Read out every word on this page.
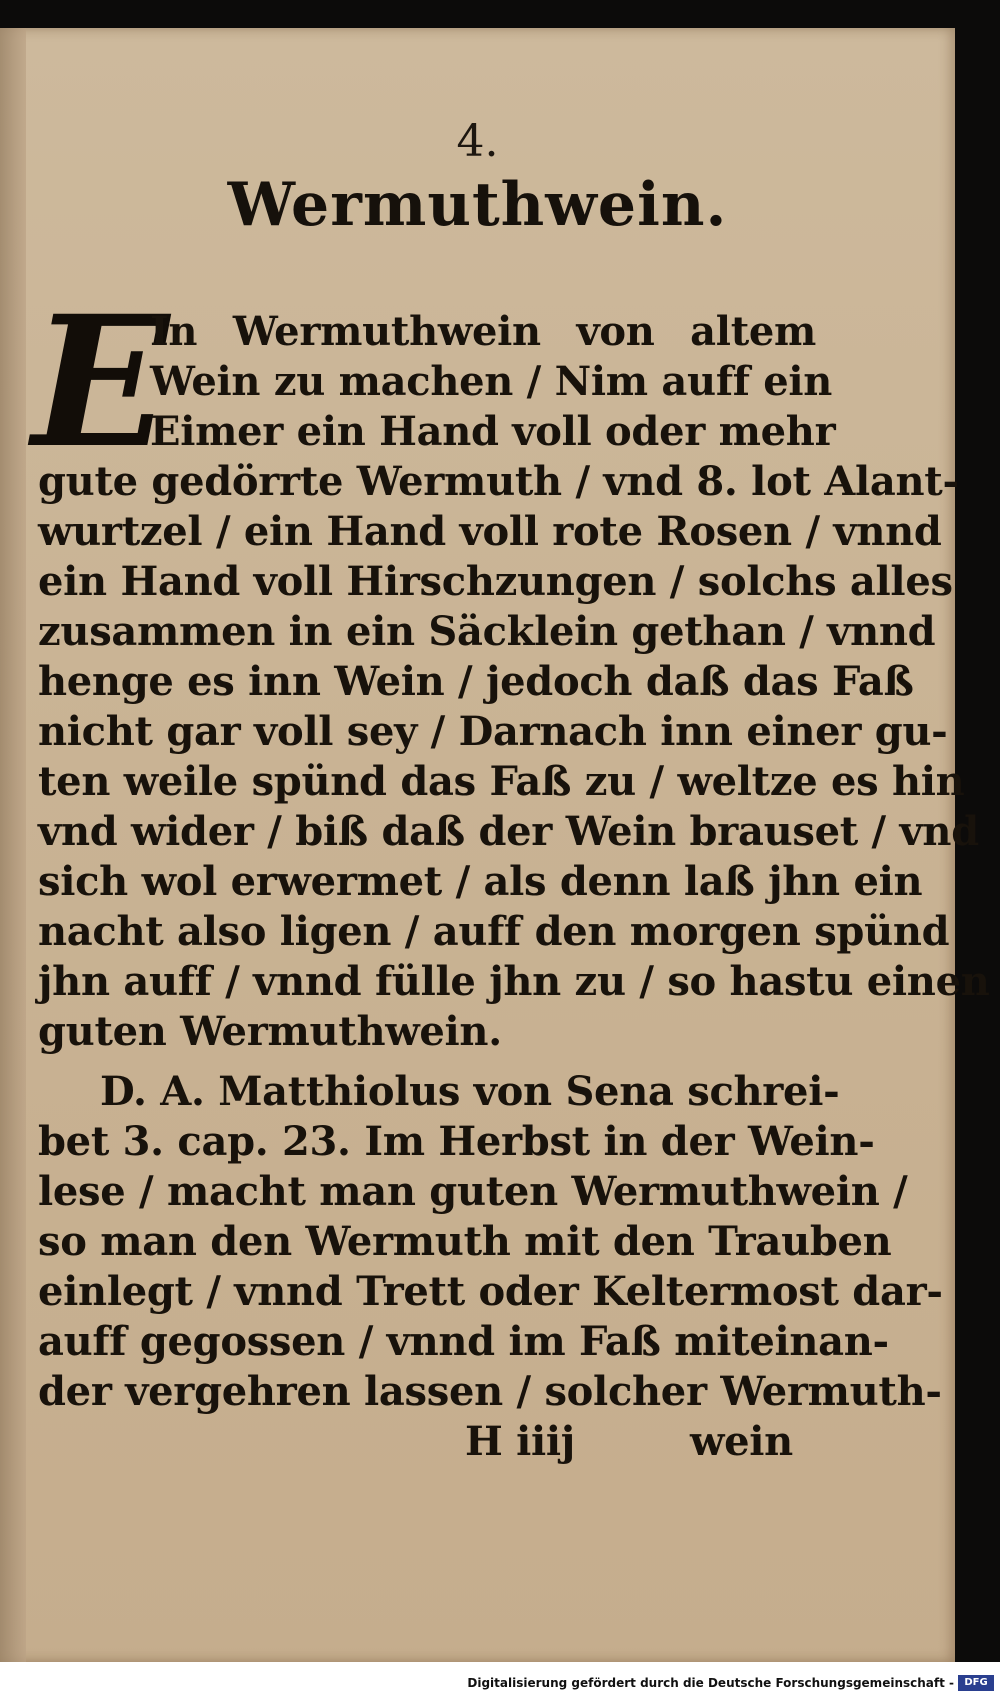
4.
Wermuthwein.
E
In Wermuthwein von altem
Wein zu machen / Nim auff ein
Eimer ein Hand voll oder mehr
gute gedörrte Wermuth / vnd 8. lot Alant-
wurtzel / ein Hand voll rote Rosen / vnnd
ein Hand voll Hirschzungen / solchs alles
zusammen in ein Säcklein gethan / vnnd
henge es inn Wein / jedoch daß das Faß
nicht gar voll sey / Darnach inn einer gu-
ten weile spünd das Faß zu / weltze es hin
vnd wider / biß daß der Wein brauset / vnd
sich wol erwermet / als denn laß jhn ein
nacht also ligen / auff den morgen spünd
jhn auff / vnnd fülle jhn zu / so hastu einen
guten Wermuthwein.
D. A. Matthiolus von Sena schrei-
bet 3. cap. 23. Im Herbst in der Wein-
lese / macht man guten Wermuthwein /
so man den Wermuth mit den Trauben
einlegt / vnnd Trett oder Keltermost dar-
auff gegossen / vnnd im Faß miteinan-
der vergehren lassen / solcher Wermuth-
H iiij	wein
Digitalisierung gefördert durch die Deutsche Forschungsgemeinschaft -	DFG
